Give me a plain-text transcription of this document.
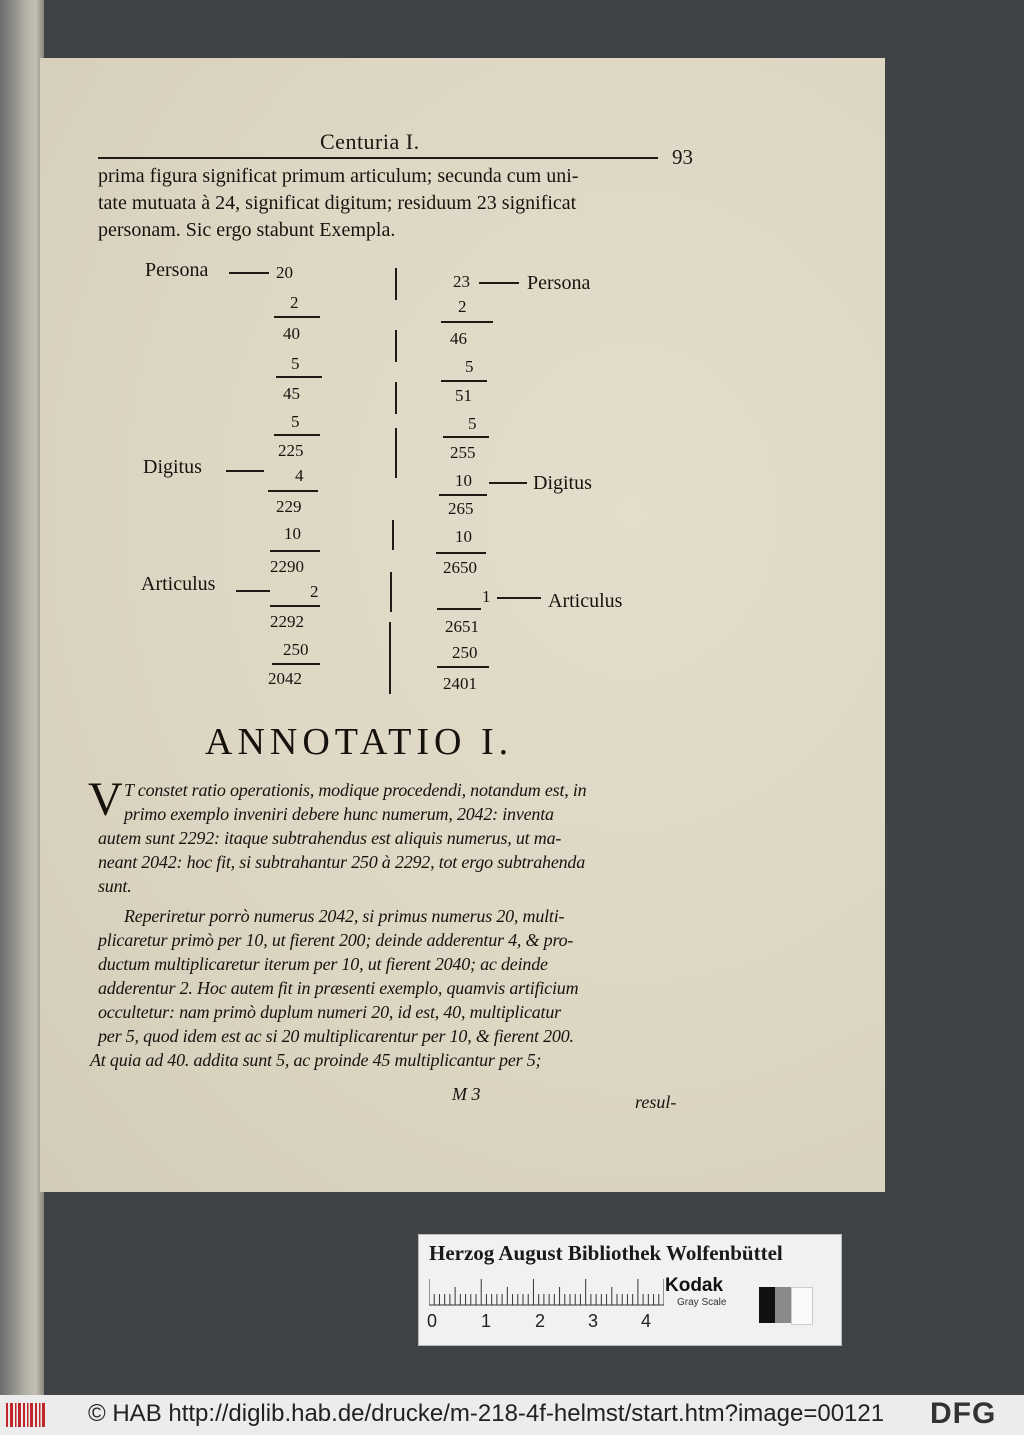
Centuria I.
93
prima figura significat primum articulum; secunda cum uni-
tate mutuata à 24, significat digitum; residuum 23 significat
personam. Sic ergo stabunt Exempla.
Persona	20
2
40
5
45
5
225
Digitus	4
229
10
2290
Articulus	2
2292
250
2042
23	Persona
2
46
5
51
5
255
10	Digitus
265
10
2650
1	Articulus
2651
250
2401
ANNOTATIO I.
V T constet ratio operationis, modique procedendi, notandum est, in
primo exemplo inveniri debere hunc numerum, 2042: inventa
autem sunt 2292: itaque subtrahendus est aliquis numerus, ut ma-
neant 2042: hoc fit, si subtrahantur 250 à 2292, tot ergo subtrahenda
sunt.
Reperiretur porrò numerus 2042, si primus numerus 20, multi-
plicaretur primò per 10, ut fierent 200; deinde adderentur 4, & pro-
ductum multiplicaretur iterum per 10, ut fierent 2040; ac deinde
adderentur 2. Hoc autem fit in præsenti exemplo, quamvis artificium
occultetur: nam primò duplum numeri 20, id est, 40, multiplicatur
per 5, quod idem est ac si 20 multiplicarentur per 10, & fierent 200.
At quia ad 40. addita sunt 5, ac proinde 45 multiplicantur per 5;
M 3	resul-
Herzog August Bibliothek Wolfenbüttel
0 1 2 3 4
Kodak
Gray Scale
© HAB http://diglib.hab.de/drucke/m-218-4f-helmst/start.htm?image=00121 DFG
